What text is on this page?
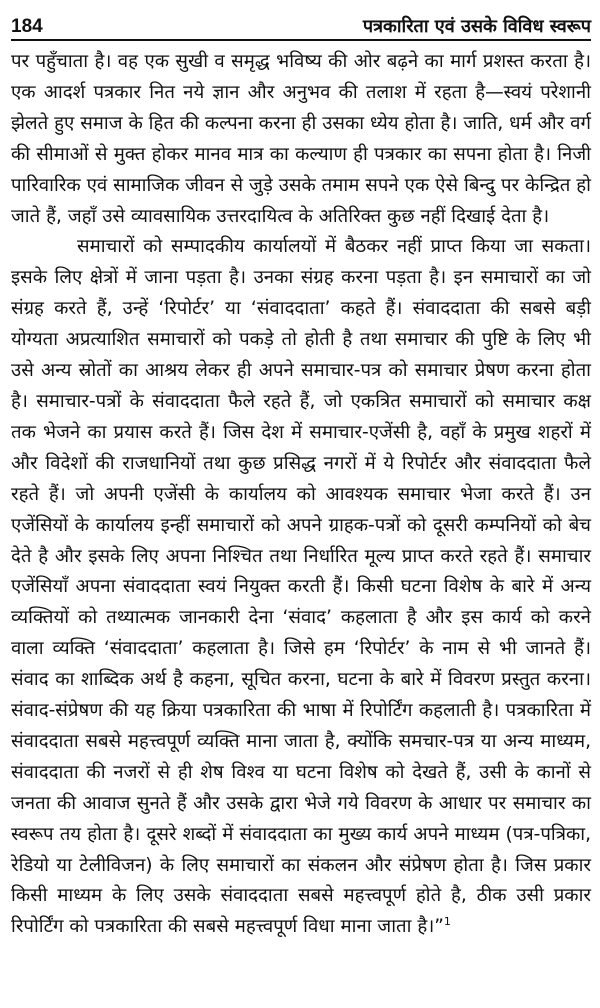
184	पत्रकारिता एवं उसके विविध स्वरूप

पर पहुँचाता है। वह एक सुखी व समृद्ध भविष्य की ओर बढ़ने का मार्ग प्रशस्त करता है। एक आदर्श पत्रकार नित नये ज्ञान और अनुभव की तलाश में रहता है—स्वयं परेशानी झेलते हुए समाज के हित की कल्पना करना ही उसका ध्येय होता है। जाति, धर्म और वर्ग की सीमाओं से मुक्त होकर मानव मात्र का कल्याण ही पत्रकार का सपना होता है। निजी पारिवारिक एवं सामाजिक जीवन से जुड़े उसके तमाम सपने एक ऐसे बिन्दु पर केन्द्रित हो जाते हैं, जहाँ उसे व्यावसायिक उत्तरदायित्व के अतिरिक्त कुछ नहीं दिखाई देता है।

समाचारों को सम्पादकीय कार्यालयों में बैठकर नहीं प्राप्त किया जा सकता। इसके लिए क्षेत्रों में जाना पड़ता है। उनका संग्रह करना पड़ता है। इन समाचारों का जो संग्रह करते हैं, उन्हें ‘रिपोर्टर’ या ‘संवाददाता’ कहते हैं। संवाददाता की सबसे बड़ी योग्यता अप्रत्याशित समाचारों को पकड़े तो होती है तथा समाचार की पुष्टि के लिए भी उसे अन्य स्रोतों का आश्रय लेकर ही अपने समाचार-पत्र को समाचार प्रेषण करना होता है। समाचार-पत्रों के संवाददाता फैले रहते हैं, जो एकत्रित समाचारों को समाचार कक्ष तक भेजने का प्रयास करते हैं। जिस देश में समाचार-एजेंसी है, वहाँ के प्रमुख शहरों में और विदेशों की राजधानियों तथा कुछ प्रसिद्ध नगरों में ये रिपोर्टर और संवाददाता फैले रहते हैं। जो अपनी एजेंसी के कार्यालय को आवश्यक समाचार भेजा करते हैं। उन एजेंसियों के कार्यालय इन्हीं समाचारों को अपने ग्राहक-पत्रों को दूसरी कम्पनियों को बेच देते है और इसके लिए अपना निश्चित तथा निर्धारित मूल्य प्राप्त करते रहते हैं। समाचार एजेंसियाँ अपना संवाददाता स्वयं नियुक्त करती हैं। किसी घटना विशेष के बारे में अन्य व्यक्तियों को तथ्यात्मक जानकारी देना ‘संवाद’ कहलाता है और इस कार्य को करने वाला व्यक्ति ‘संवाददाता’ कहलाता है। जिसे हम ‘रिपोर्टर’ के नाम से भी जानते हैं। संवाद का शाब्दिक अर्थ है कहना, सूचित करना, घटना के बारे में विवरण प्रस्तुत करना। संवाद-संप्रेषण की यह क्रिया पत्रकारिता की भाषा में रिपोर्टिंग कहलाती है। पत्रकारिता में संवाददाता सबसे महत्त्वपूर्ण व्यक्ति माना जाता है, क्योंकि समचार-पत्र या अन्य माध्यम, संवाददाता की नजरों से ही शेष विश्व या घटना विशेष को देखते हैं, उसी के कानों से जनता की आवाज सुनते हैं और उसके द्वारा भेजे गये विवरण के आधार पर समाचार का स्वरूप तय होता है। दूसरे शब्दों में संवाददाता का मुख्य कार्य अपने माध्यम (पत्र-पत्रिका, रेडियो या टेलीविजन) के लिए समाचारों का संकलन और संप्रेषण होता है। जिस प्रकार किसी माध्यम के लिए उसके संवाददाता सबसे महत्त्वपूर्ण होते है, ठीक उसी प्रकार रिपोर्टिंग को पत्रकारिता की सबसे महत्त्वपूर्ण विधा माना जाता है।”$^1$
